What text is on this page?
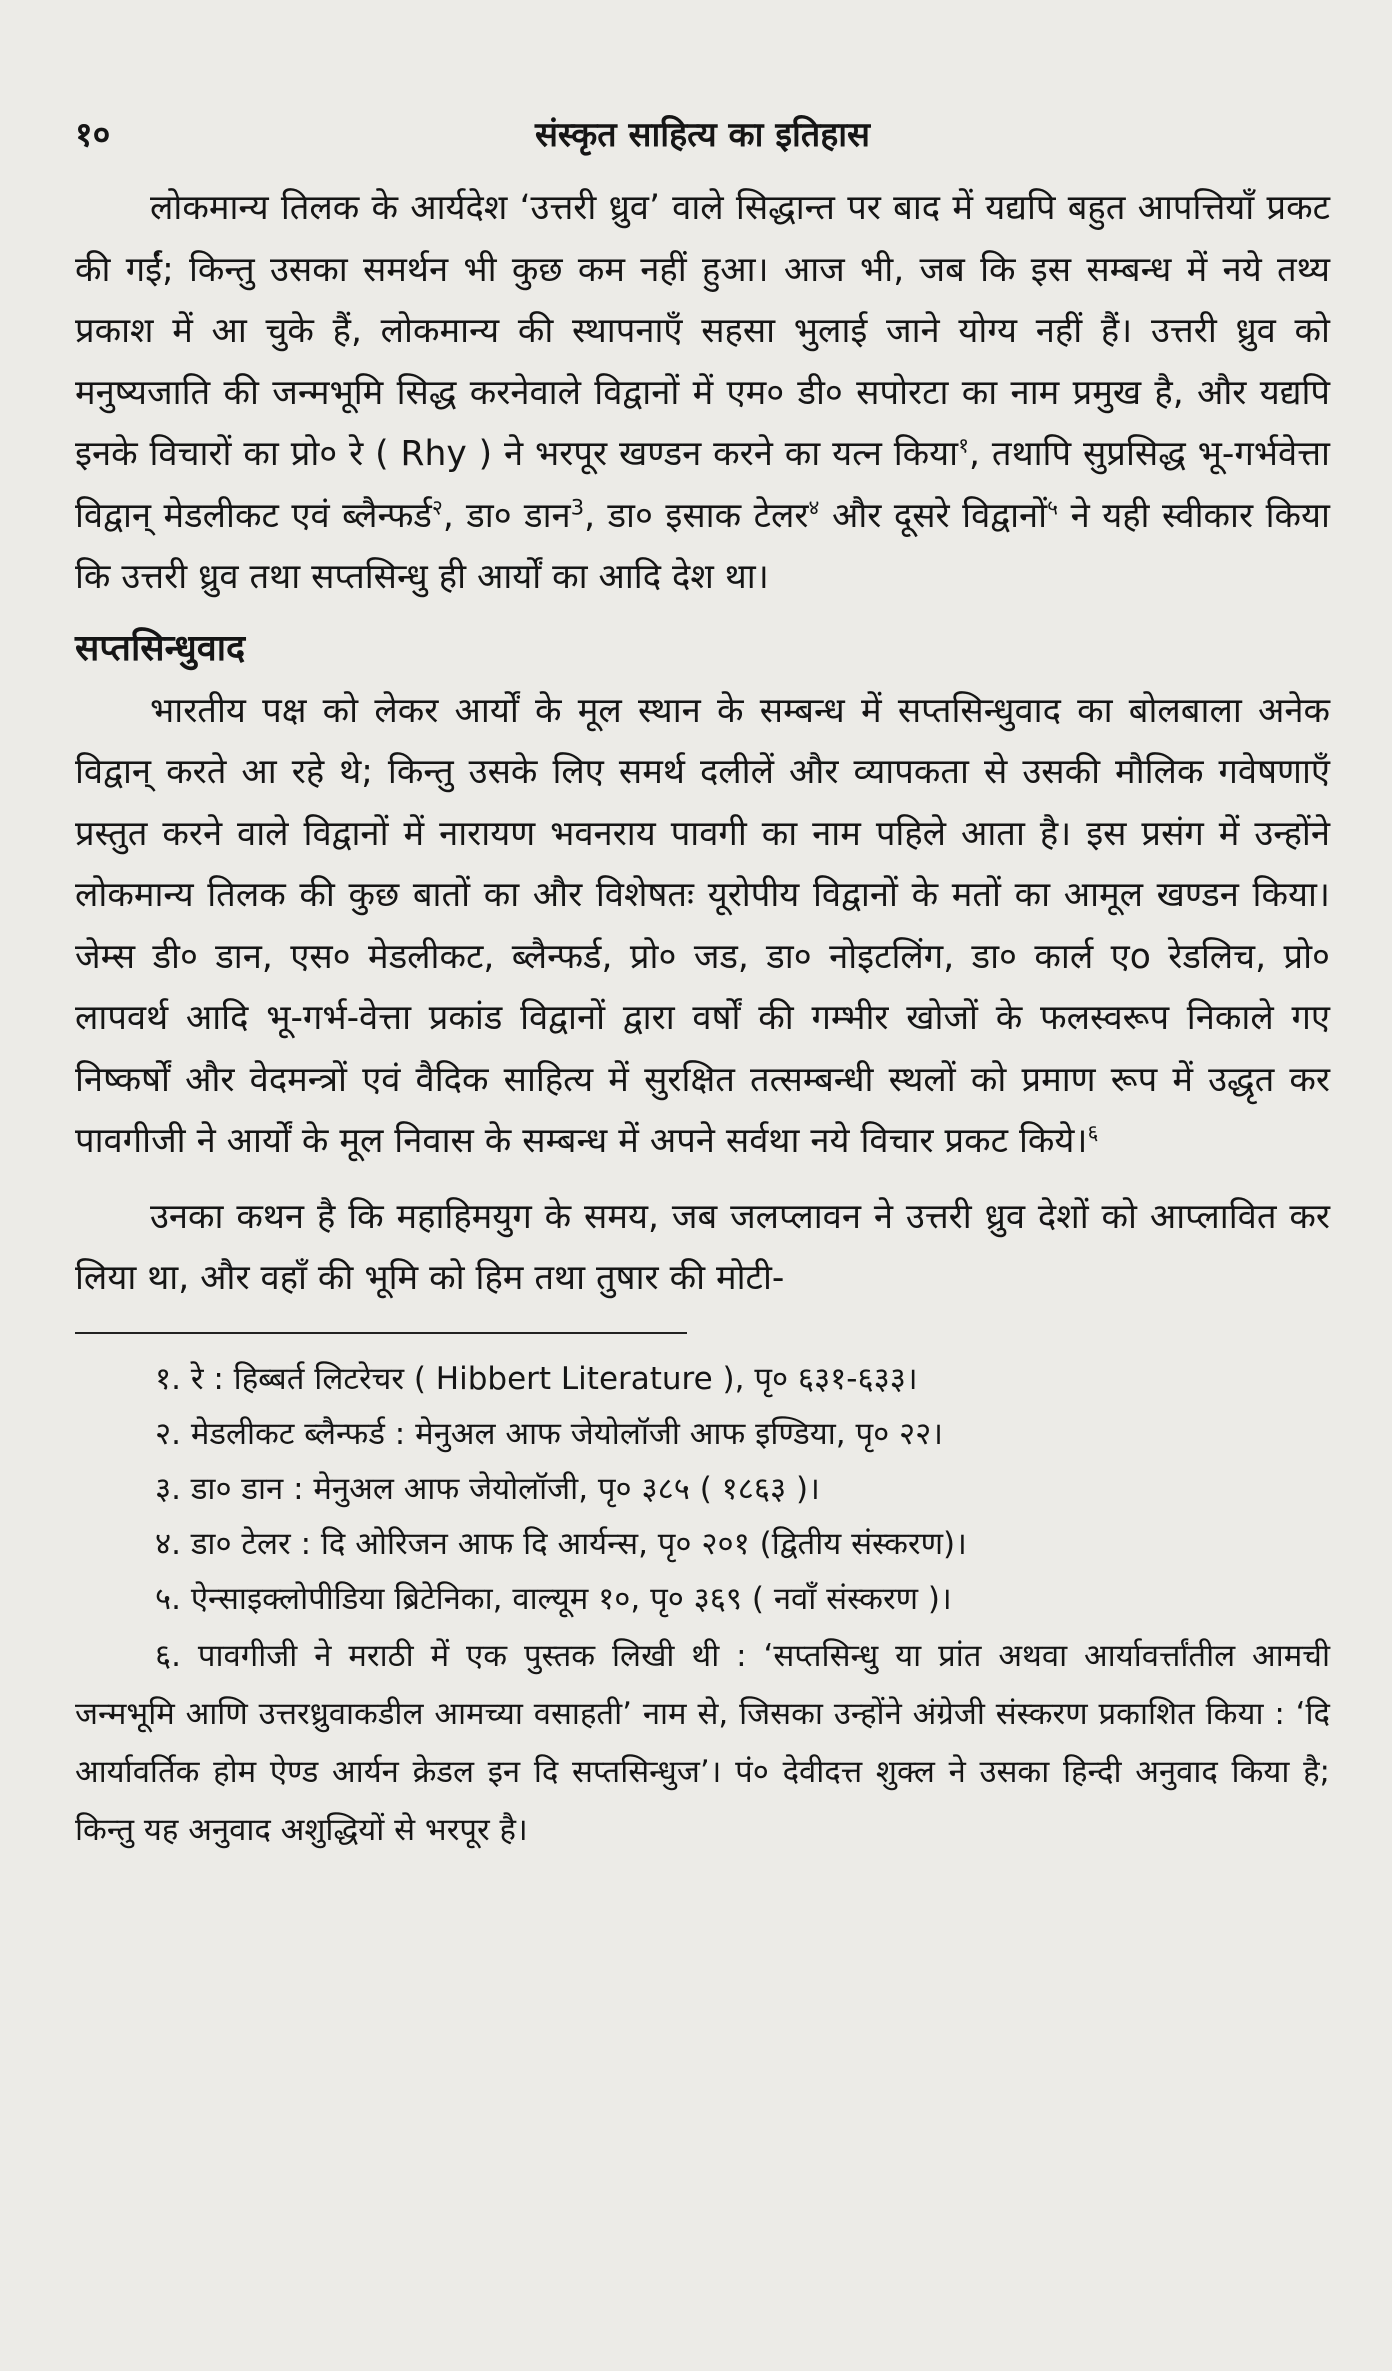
१०	संस्कृत साहित्य का इतिहास

लोकमान्य तिलक के आर्यदेश ‘उत्तरी ध्रुव’ वाले सिद्धान्त पर बाद में यद्यपि बहुत आपत्तियाँ प्रकट की गईं; किन्तु उसका समर्थन भी कुछ कम नहीं हुआ। आज भी, जब कि इस सम्बन्ध में नये तथ्य प्रकाश में आ चुके हैं, लोकमान्य की स्थापनाएँ सहसा भुलाई जाने योग्य नहीं हैं। उत्तरी ध्रुव को मनुष्यजाति की जन्मभूमि सिद्ध करनेवाले विद्वानों में एम० डी० सपोरटा का नाम प्रमुख है, और यद्यपि इनके विचारों का प्रो० रे ( Rhy ) ने भरपूर खण्डन करने का यत्न किया$^१$, तथापि सुप्रसिद्ध भू-गर्भवेत्ता विद्वान् मेडलीकट एवं ब्लैन्फर्ड$^२$, डा० डान$^3$, डा० इसाक टेलर$^४$ और दूसरे विद्वानों$^५$ ने यही स्वीकार किया कि उत्तरी ध्रुव तथा सप्तसिन्धु ही आर्यों का आदि देश था।

सप्तसिन्धुवाद

भारतीय पक्ष को लेकर आर्यों के मूल स्थान के सम्बन्ध में सप्तसिन्धुवाद का बोलबाला अनेक विद्वान् करते आ रहे थे; किन्तु उसके लिए समर्थ दलीलें और व्यापकता से उसकी मौलिक गवेषणाएँ प्रस्तुत करने वाले विद्वानों में नारायण भवनराय पावगी का नाम पहिले आता है। इस प्रसंग में उन्होंने लोकमान्य तिलक की कुछ बातों का और विशेषतः यूरोपीय विद्वानों के मतों का आमूल खण्डन किया। जेम्स डी० डान, एस० मेडलीकट, ब्लैन्फर्ड, प्रो० जड, डा० नोइटलिंग, डा० कार्ल एo रेडलिच, प्रो० लापवर्थ आदि भू-गर्भ-वेत्ता प्रकांड विद्वानों द्वारा वर्षों की गम्भीर खोजों के फलस्वरूप निकाले गए निष्कर्षों और वेदमन्त्रों एवं वैदिक साहित्य में सुरक्षित तत्सम्बन्धी स्थलों को प्रमाण रूप में उद्धृत कर पावगीजी ने आर्यों के मूल निवास के सम्बन्ध में अपने सर्वथा नये विचार प्रकट किये।$^६$

उनका कथन है कि महाहिमयुग के समय, जब जलप्लावन ने उत्तरी ध्रुव देशों को आप्लावित कर लिया था, और वहाँ की भूमि को हिम तथा तुषार की मोटी-

१. रे : हिब्बर्त लिटरेचर ( Hibbert Literature ), पृ० ६३१-६३३।

२. मेडलीकट ब्लैन्फर्ड : मेनुअल आफ जेयोलॉजी आफ इण्डिया, पृ० २२।

३. डा० डान : मेनुअल आफ जेयोलॉजी, पृ० ३८५ ( १८६३ )।

४. डा० टेलर : दि ओरिजन आफ दि आर्यन्स, पृ० २०१ (द्वितीय संस्करण)।

५. ऐन्साइक्लोपीडिया ब्रिटेनिका, वाल्यूम १०, पृ० ३६९ ( नवाँ संस्करण )।

६. पावगीजी ने मराठी में एक पुस्तक लिखी थी : ‘सप्तसिन्धु या प्रांत अथवा आर्यावर्त्तांतील आमची जन्मभूमि आणि उत्तरध्रुवाकडील आमच्या वसाहती’ नाम से, जिसका उन्होंने अंग्रेजी संस्करण प्रकाशित किया : ‘दि आर्यावर्तिक होम ऐण्ड आर्यन क्रेडल इन दि सप्तसिन्धुज’। पं० देवीदत्त शुक्ल ने उसका हिन्दी अनुवाद किया है; किन्तु यह अनुवाद अशुद्धियों से भरपूर है।
